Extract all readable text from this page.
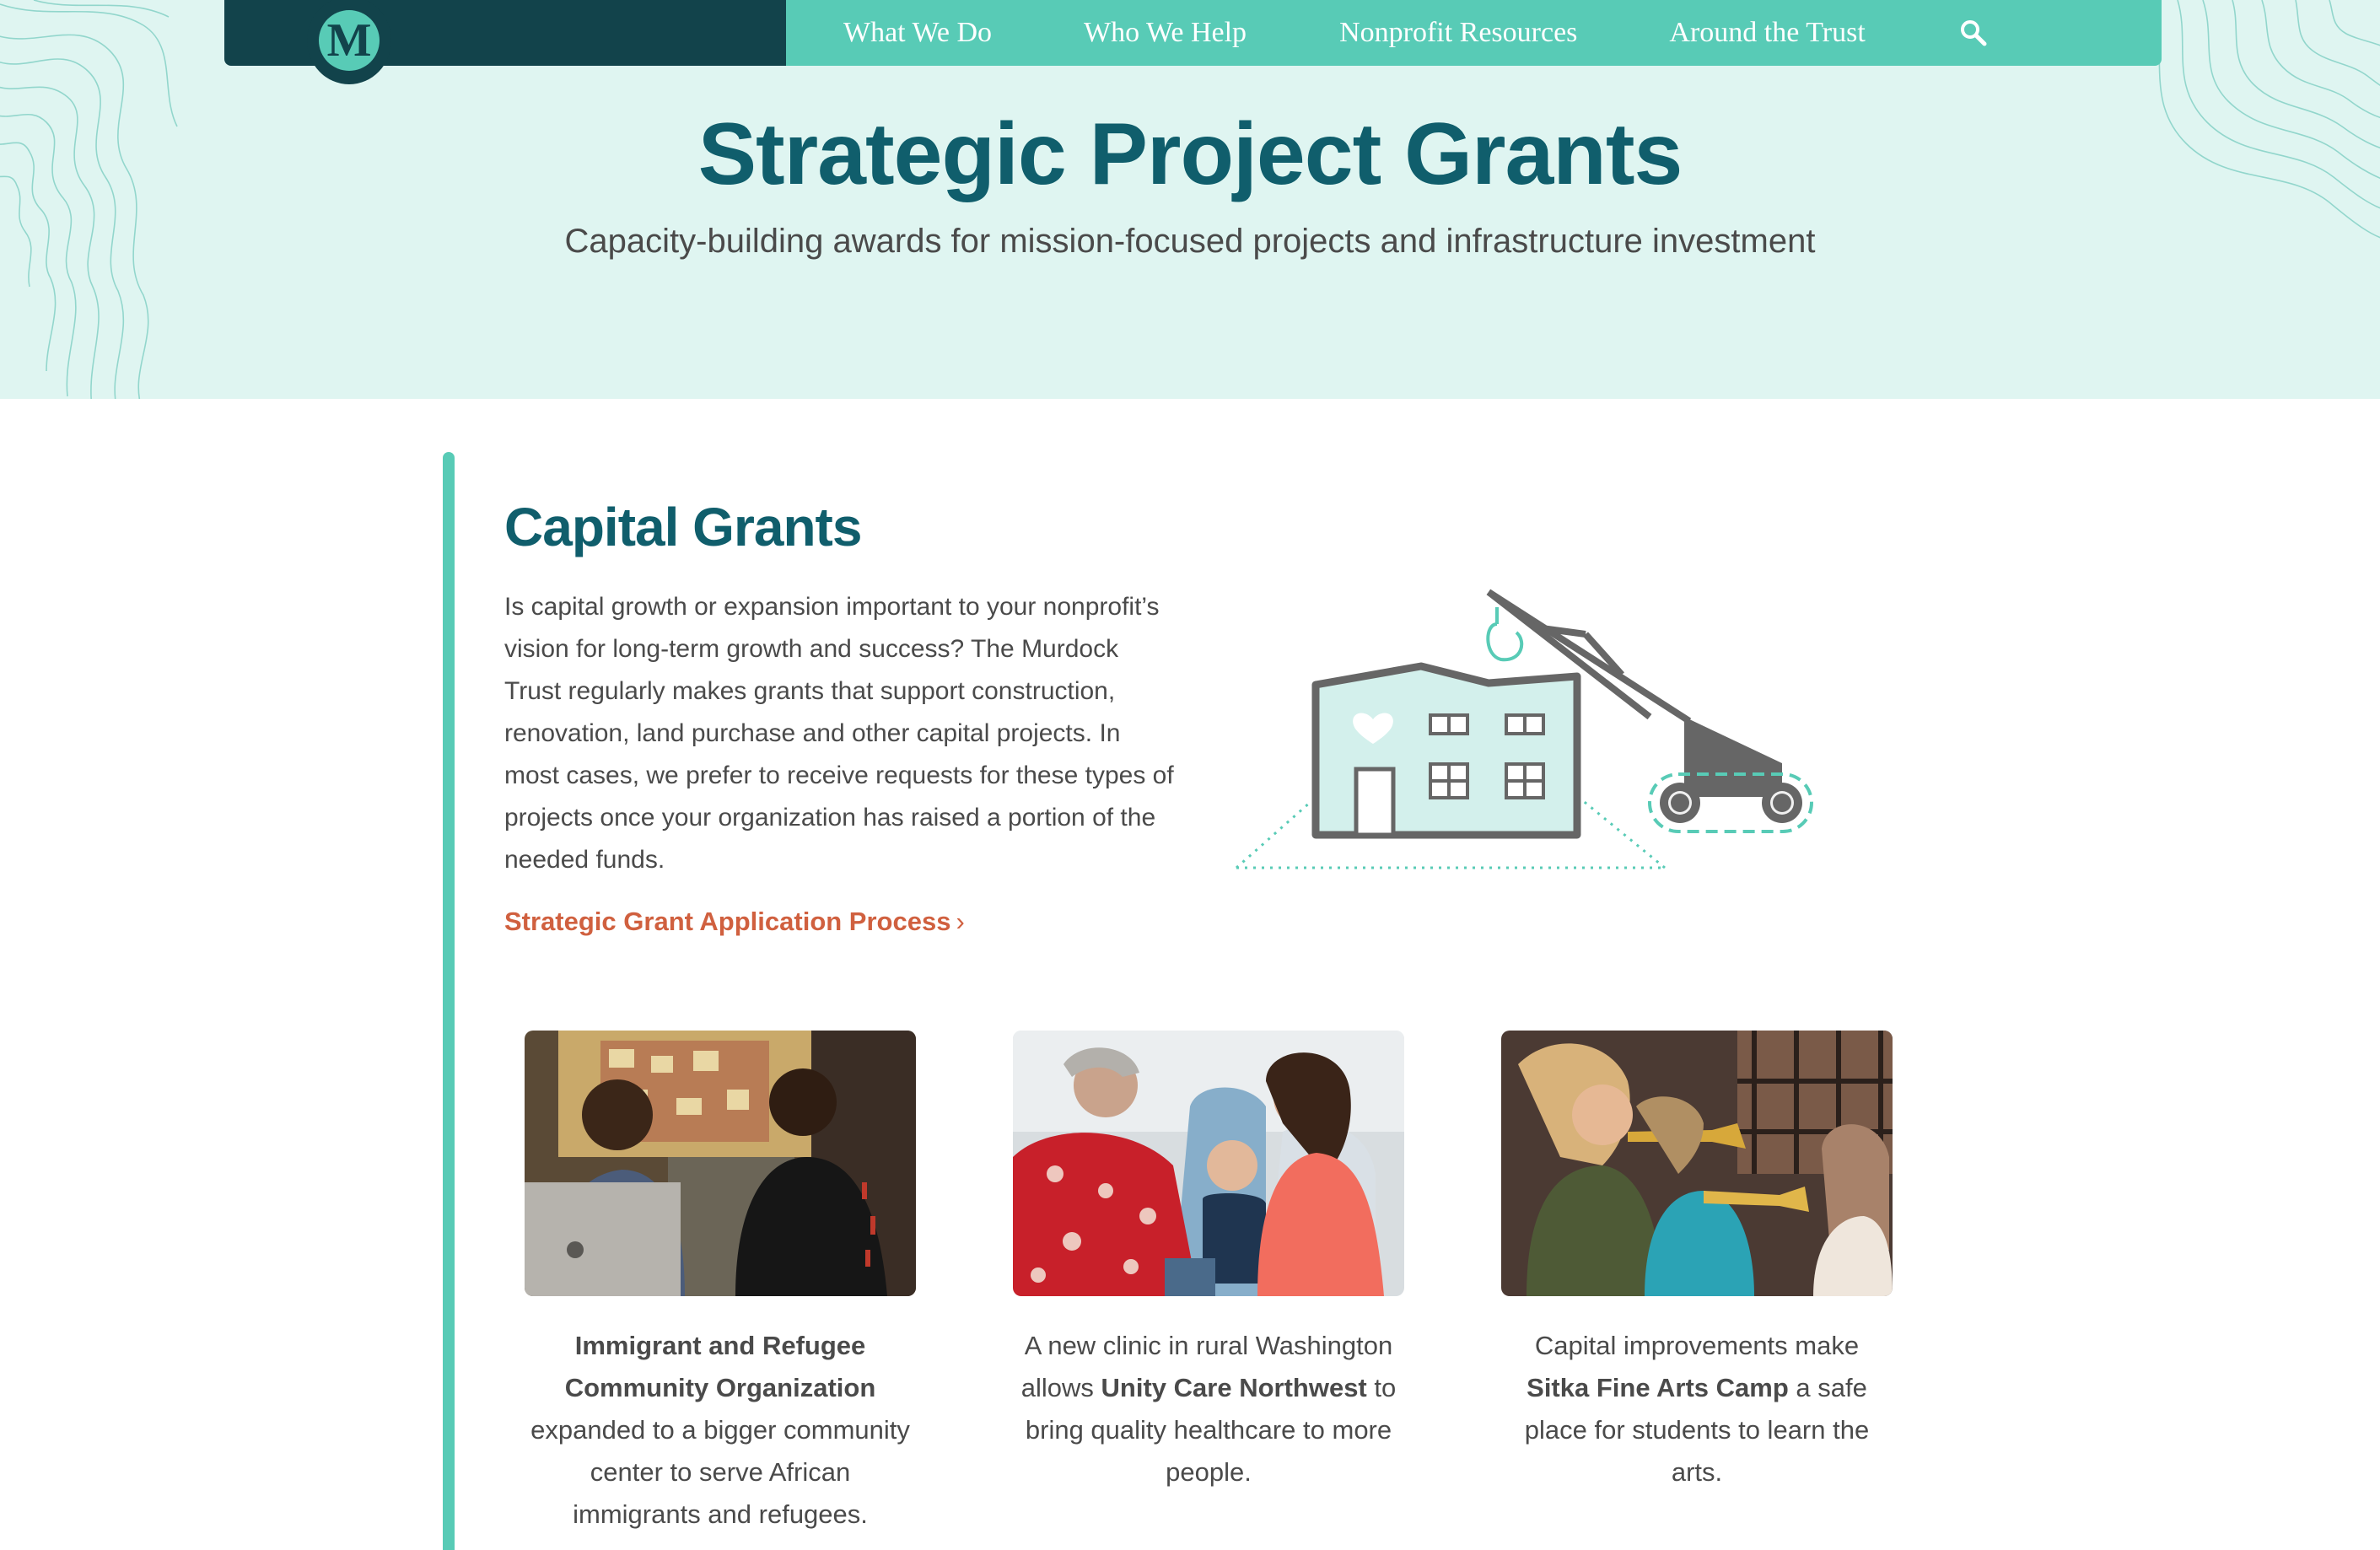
What We Do	Who We Help	Nonprofit Resources	Around the Trust
M
Strategic Project Grants

Capacity-building awards for mission-focused projects and infrastructure investment

Capital Grants

Is capital growth or expansion important to your nonprofit’s vision for long-term growth and success? The Murdock Trust regularly makes grants that support construction, renovation, land purchase and other capital projects. In most cases, we prefer to receive requests for these types of projects once your organization has raised a portion of the needed funds.

Strategic Grant Application Process ›

Immigrant and Refugee Community Organization expanded to a bigger community center to serve African immigrants and refugees.

A new clinic in rural Washington allows Unity Care Northwest to bring quality healthcare to more people.

Capital improvements make Sitka Fine Arts Camp a safe place for students to learn the arts.
